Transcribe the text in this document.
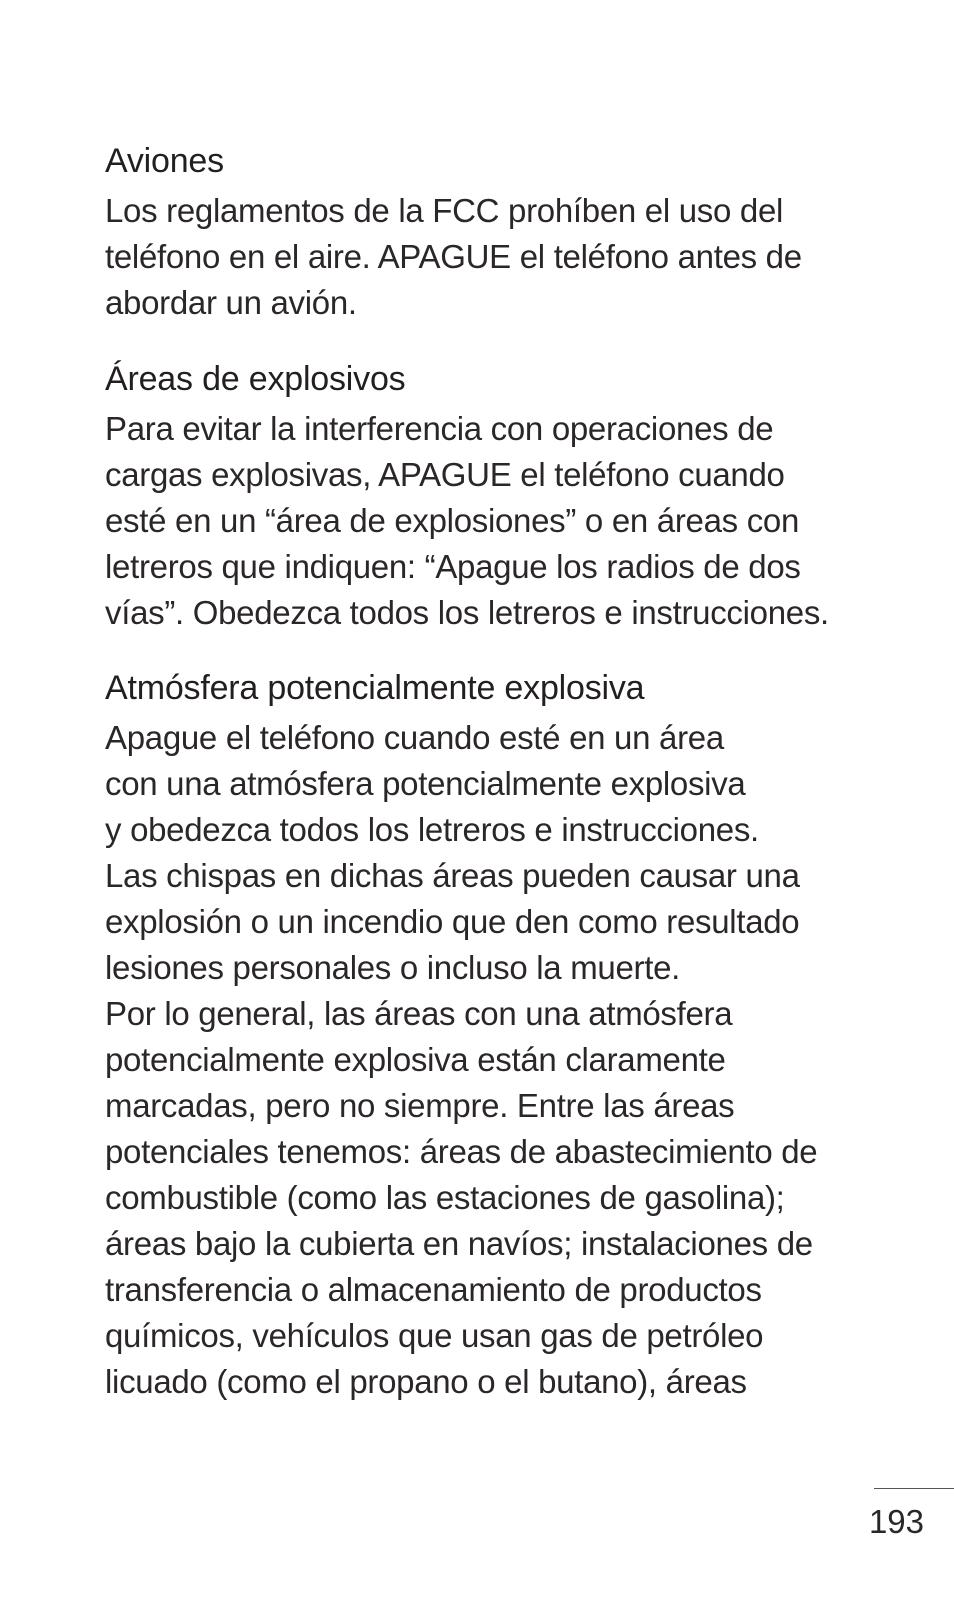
Aviones

Los reglamentos de la FCC prohíben el uso del
teléfono en el aire. APAGUE el teléfono antes de
abordar un avión.

Áreas de explosivos

Para evitar la interferencia con operaciones de
cargas explosivas, APAGUE el teléfono cuando
esté en un “área de explosiones” o en áreas con
letreros que indiquen: “Apague los radios de dos
vías”. Obedezca todos los letreros e instrucciones.

Atmósfera potencialmente explosiva

Apague el teléfono cuando esté en un área
con una atmósfera potencialmente explosiva
y obedezca todos los letreros e instrucciones.
Las chispas en dichas áreas pueden causar una
explosión o un incendio que den como resultado
lesiones personales o incluso la muerte.
Por lo general, las áreas con una atmósfera
potencialmente explosiva están claramente
marcadas, pero no siempre. Entre las áreas
potenciales tenemos: áreas de abastecimiento de
combustible (como las estaciones de gasolina);
áreas bajo la cubierta en navíos; instalaciones de
transferencia o almacenamiento de productos
químicos, vehículos que usan gas de petróleo
licuado (como el propano o el butano), áreas

193
